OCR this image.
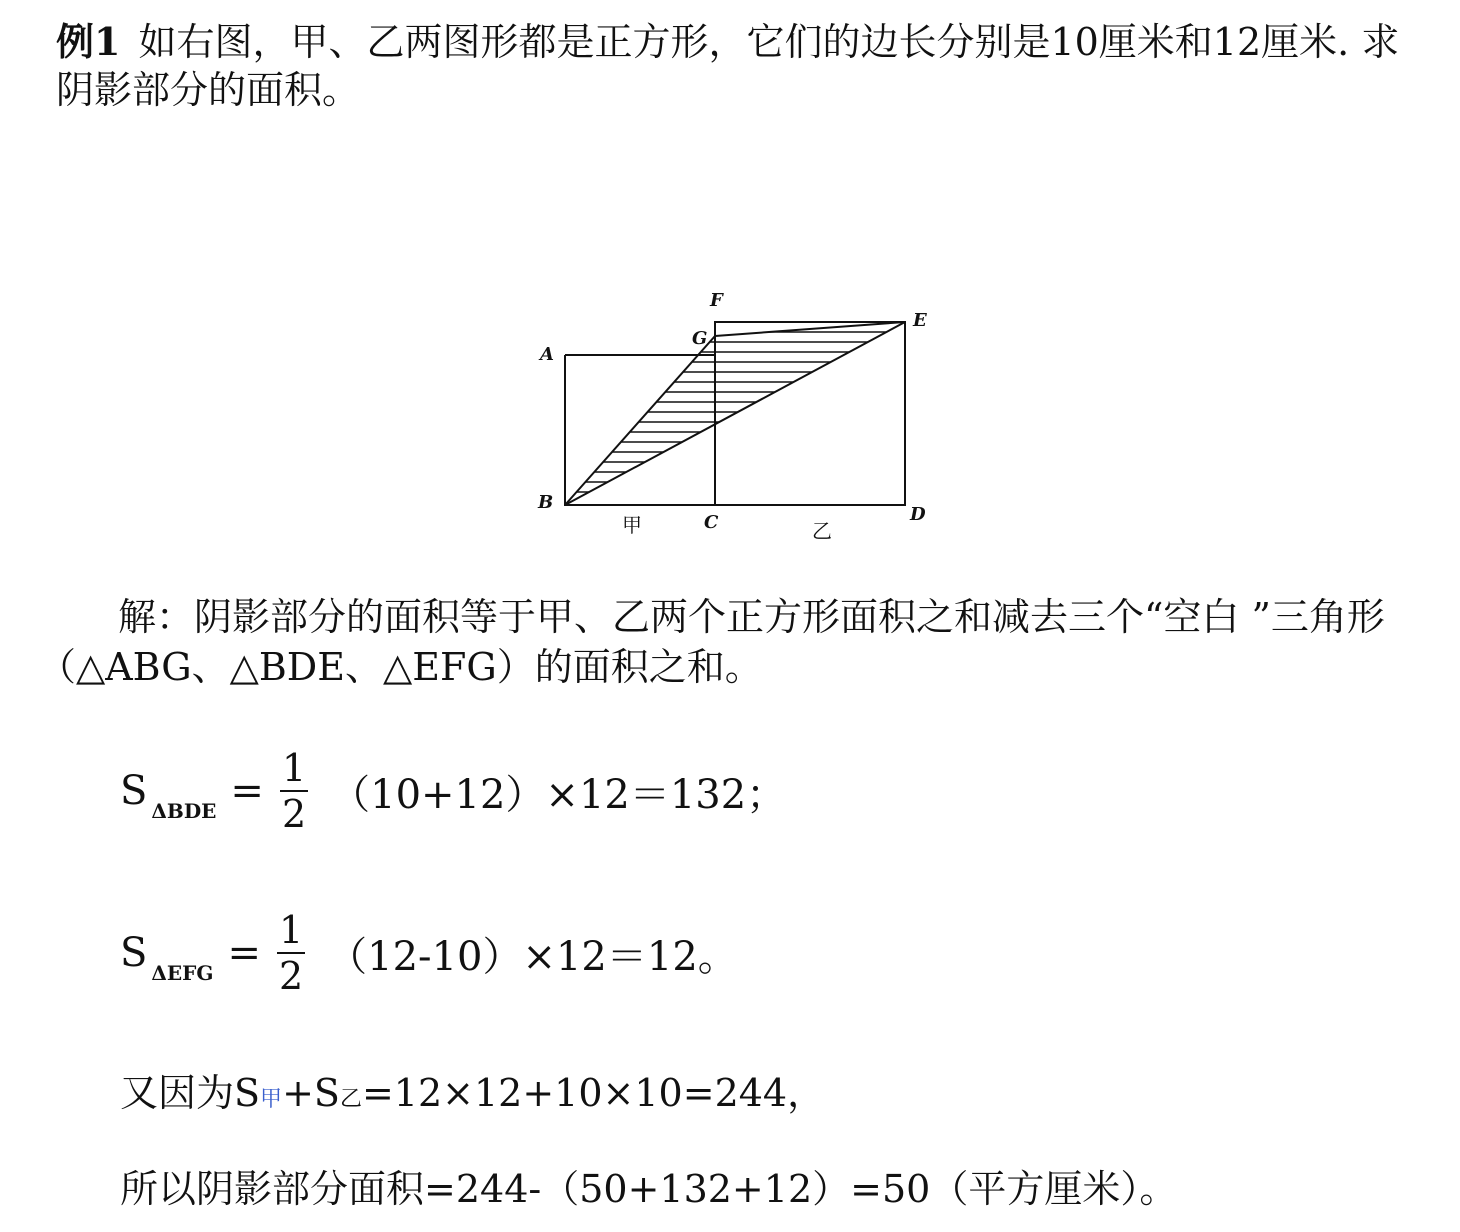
例1 如右图，甲、乙两图形都是正方形，它们的边长分别是10厘米和12厘米. 求阴影部分的面积。
A
B
C	D
E
F
G
甲	乙
解：阴影部分的面积等于甲、乙两个正方形面积之和减去三个“空白 ”三角形（△ABG、△BDE、△EFG）的面积之和。
S $\Delta BDE = \frac{1}{2} (10+12)\times 12=132$；
S $\Delta EFG = \frac{1}{2} (12-10)\times 12=12$。
又因为S甲+S乙=12×12+10×10=244，
所以阴影部分面积=244-（50+132+12）=50（平方厘米）。
